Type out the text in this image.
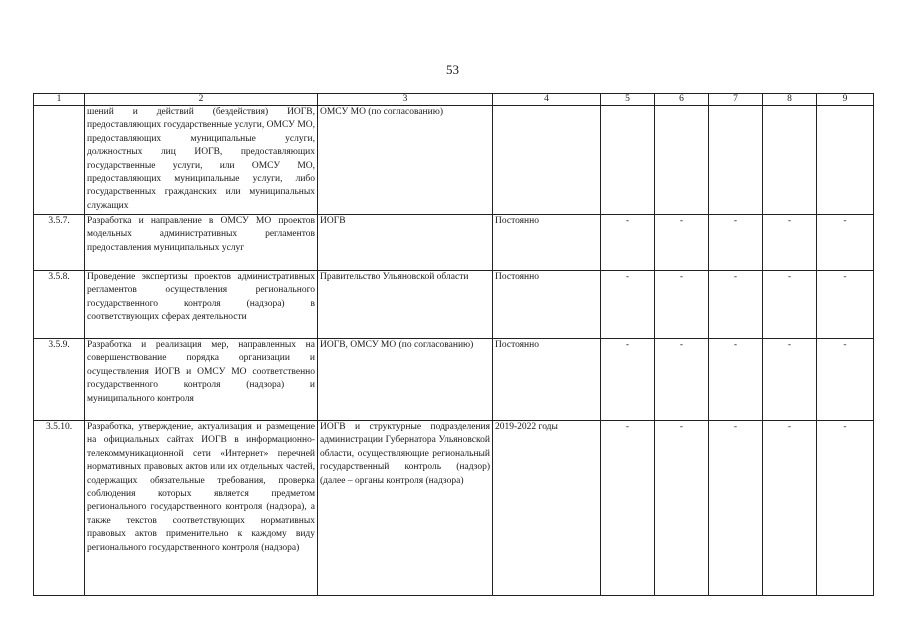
53
1	2	3	4	5	6	7	8	9
	шений и действий (бездействия) ИОГВ, предоставляющих государственные услуги, ОМСУ МО, предоставляющих муниципальные услуги, должностных лиц ИОГВ, предоставляющих государственные услуги, или ОМСУ МО, предоставляющих муниципальные услуги, либо государственных гражданских или муниципальных служащих	ОМСУ МО (по согласованию)						
3.5.7.	Разработка и направление в ОМСУ МО проектов модельных административных регламентов предоставления муниципальных услуг	ИОГВ	Постоянно	-	-	-	-	-
3.5.8.	Проведение экспертизы проектов административных регламентов осуществления регионального государственного контроля (надзора) в соответствующих сферах деятельности	Правительство Ульяновской области	Постоянно	-	-	-	-	-
3.5.9.	Разработка и реализация мер, направленных на совершенствование порядка организации и осуществления ИОГВ и ОМСУ МО соответственно государственного контроля (надзора) и муниципального контроля	ИОГВ, ОМСУ МО (по согласованию)	Постоянно	-	-	-	-	-
3.5.10.	Разработка, утверждение, актуализация и размещение на официальных сайтах ИОГВ в информационно-телекоммуникационной сети «Интернет» перечней нормативных правовых актов или их отдельных частей, содержащих обязательные требования, проверка соблюдения которых является предметом регионального государственного контроля (надзора), а также текстов соответствующих нормативных правовых актов применительно к каждому виду регионального государственного контроля (надзора)	ИОГВ и структурные подразделения администрации Губернатора Ульяновской области, осуществляющие региональный государственный контроль (надзор) (далее – органы контроля (надзора)	2019-2022 годы	-	-	-	-	-
